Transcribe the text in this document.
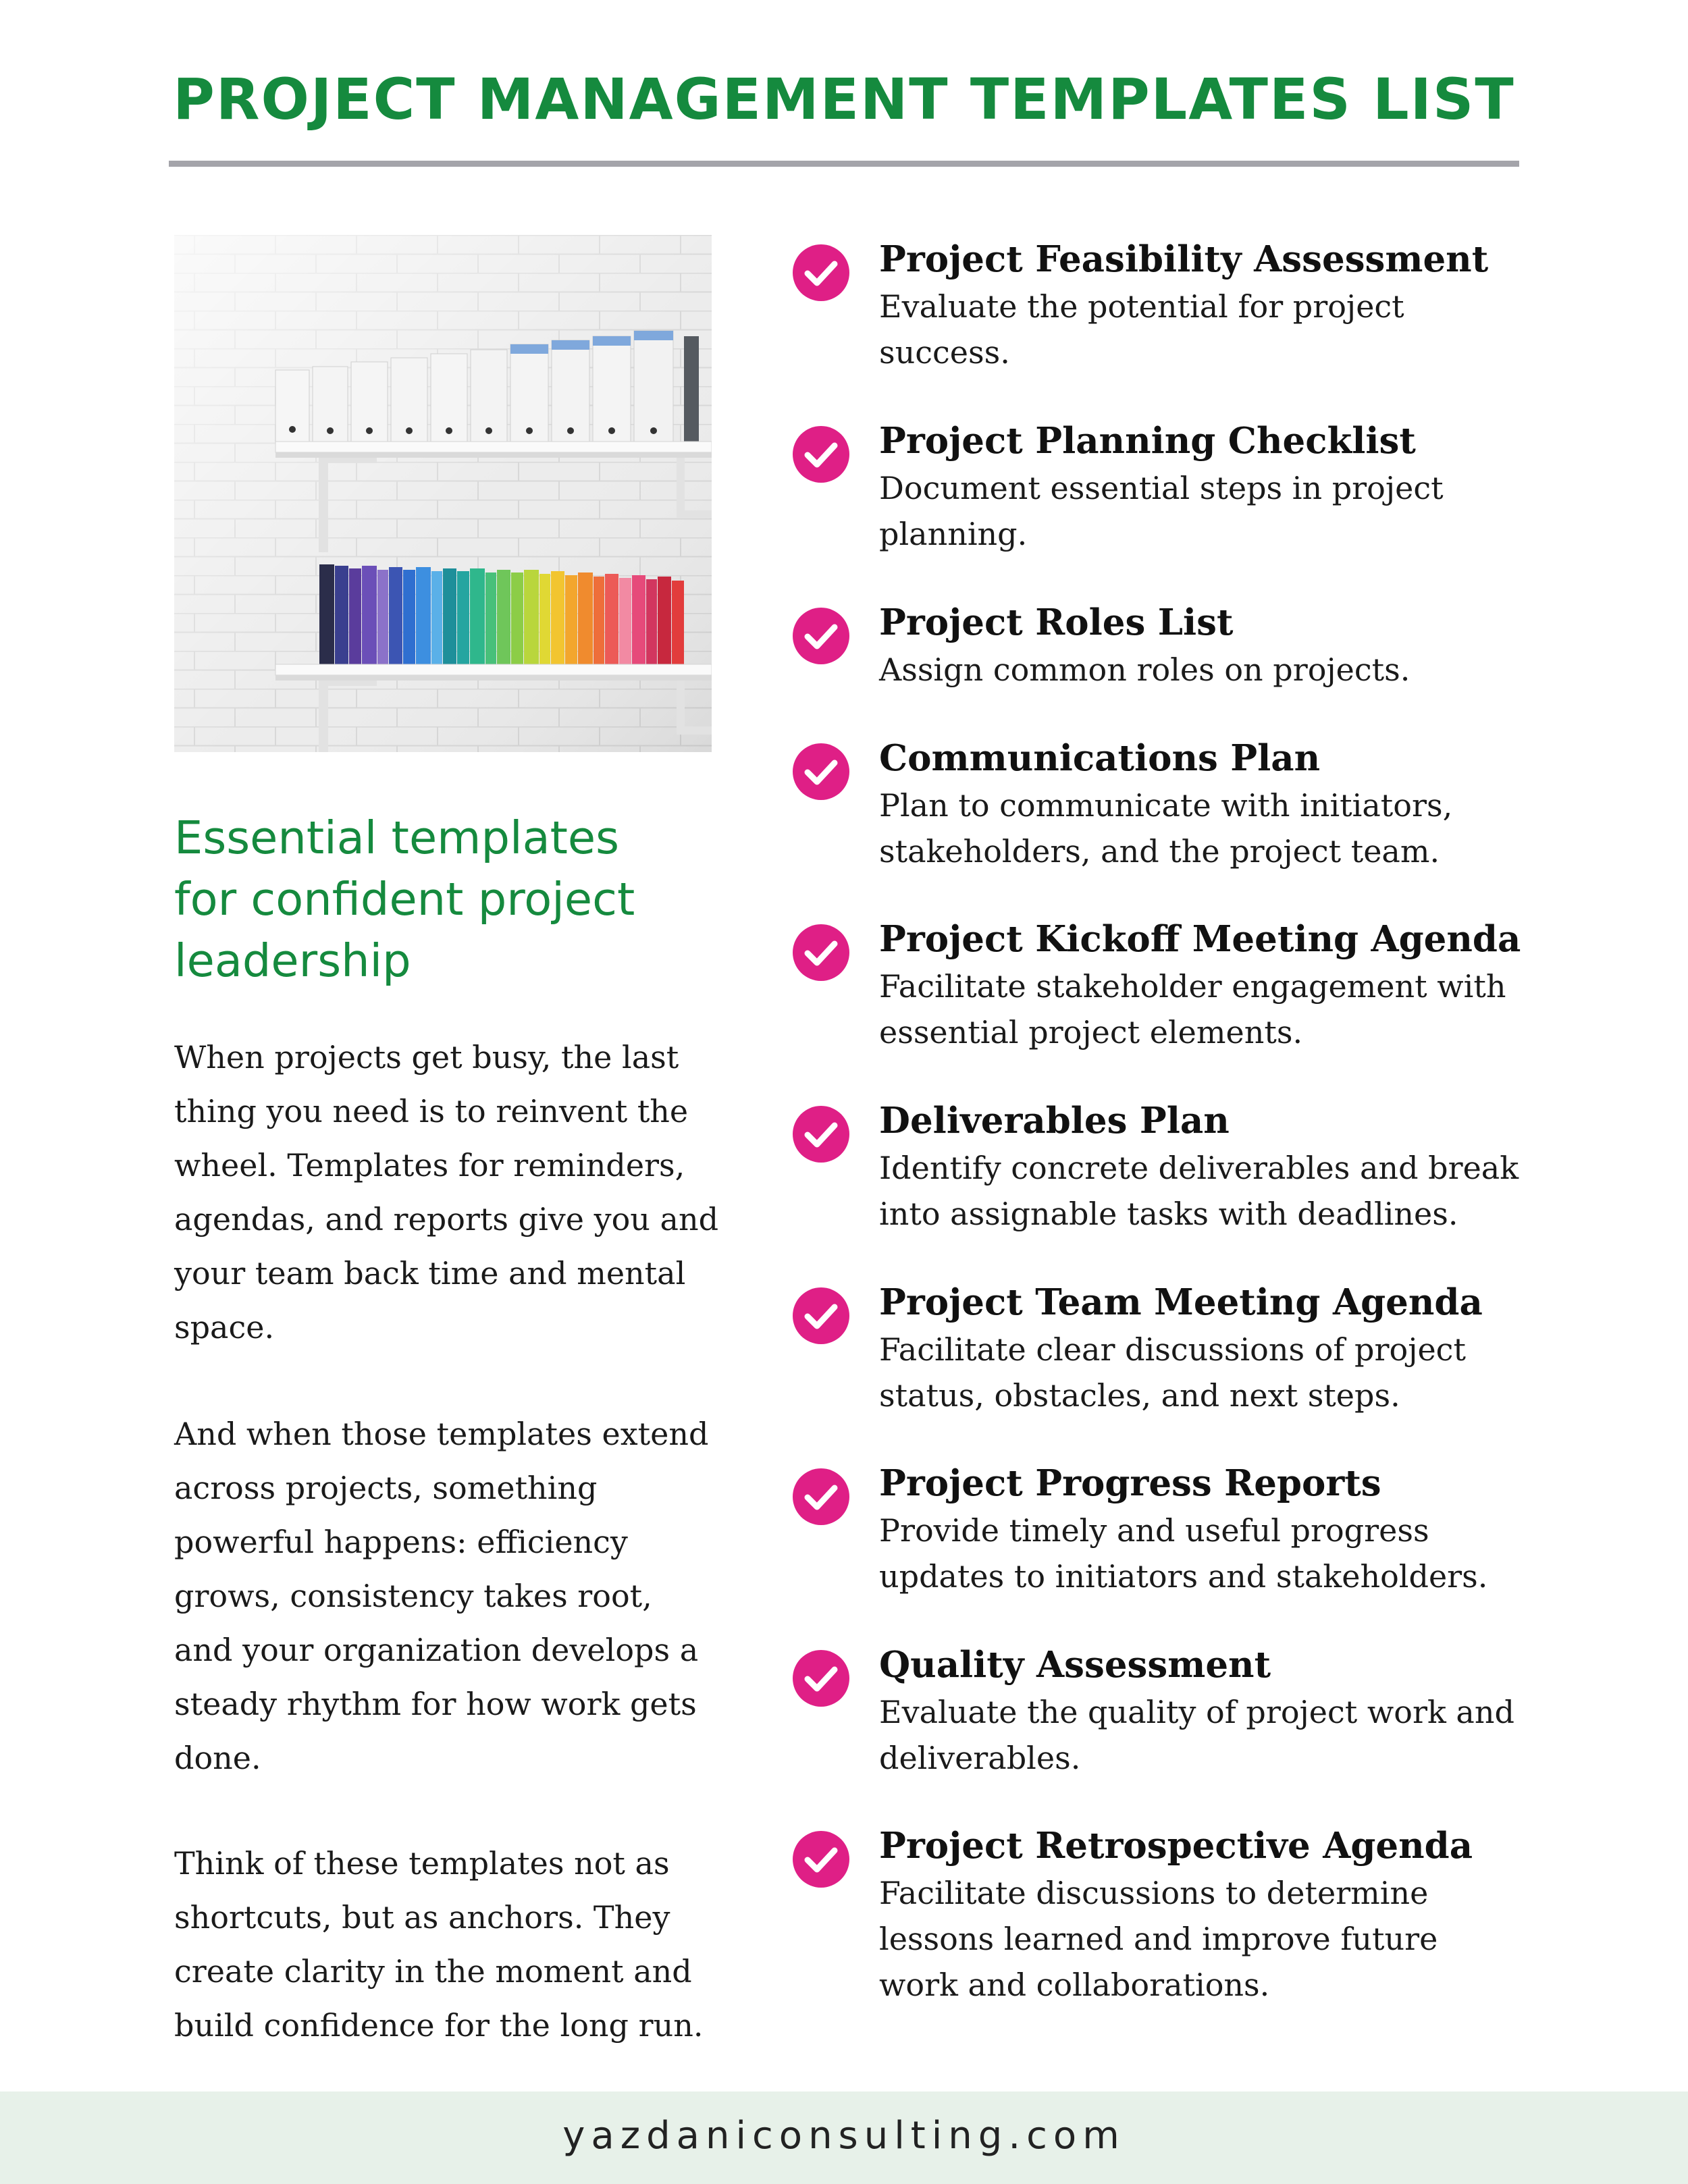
PROJECT MANAGEMENT TEMPLATES LIST
Essential templates
for confident project
leadership

When projects get busy, the last
thing you need is to reinvent the
wheel. Templates for reminders,
agendas, and reports give you and
your team back time and mental
space.

And when those templates extend
across projects, something
powerful happens: efficiency
grows, consistency takes root,
and your organization develops a
steady rhythm for how work gets
done.

Think of these templates not as
shortcuts, but as anchors. They
create clarity in the moment and
build confidence for the long run.

Project Feasibility Assessment

Evaluate the potential for project
success.

Project Planning Checklist

Document essential steps in project
planning.

Project Roles List

Assign common roles on projects.

Communications Plan

Plan to communicate with initiators,
stakeholders, and the project team.

Project Kickoff Meeting Agenda

Facilitate stakeholder engagement with
essential project elements.

Deliverables Plan

Identify concrete deliverables and break
into assignable tasks with deadlines.

Project Team Meeting Agenda

Facilitate clear discussions of project
status, obstacles, and next steps.

Project Progress Reports

Provide timely and useful progress
updates to initiators and stakeholders.

Quality Assessment

Evaluate the quality of project work and
deliverables.

Project Retrospective Agenda

Facilitate discussions to determine
lessons learned and improve future
work and collaborations.

yazdaniconsulting.com
